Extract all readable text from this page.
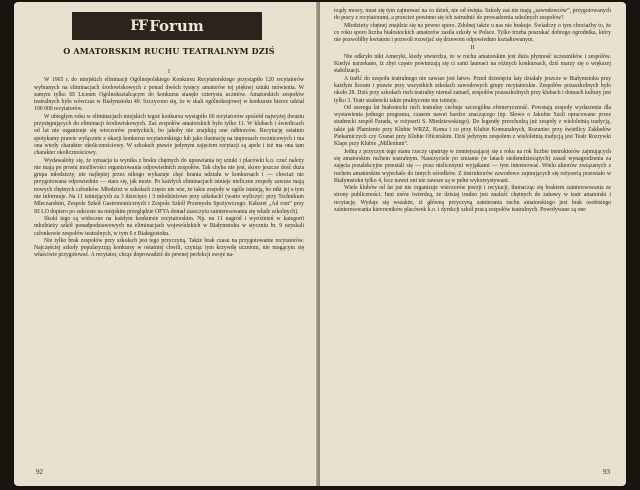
FF Forum
O AMATORSKIM RUCHU TEATRALNYM DZIŚ

I

W 1965 r. do miejskich eliminacji Ogólnopolskiego Konkursu Recytatorskiego przystąpiło 120 recytatorów wybranych na eliminacjach środowiskowych z ponad dwóch tysięcy amatorów tej pięknej sztuki mówienia. W samym tylko III Liceum Ogólnokształcącym do konkursu stanęło czterystu uczniów. Amatorskich zespołów teatralnych było wówczas w Białymstoku 40. Szczycono się, że w skali ogólnokrajowej w konkursie bierze udział 100 000 recytatorów.

W ubiegłym roku w eliminacjach miejskich tegoż konkursu wystąpiło 60 recytatorów spośród najwyżej dwustu przystępujących do eliminacji środowiskowych. Zaś zespołów amatorskich było tylko 11. W klubach i świetlicach od lat nie organizuje się wieczorów poetyckich, bo jakoby nie znajdują one odbiorców. Recytację ostatnio spotykamy prawie wyłącznie z okazji konkursu recytatorskiego lub jako ilustrację na imprezach rocznicowych i ma ona wtedy charakter okolicznościowy. W szkołach prawie jedynym zajęciem recytacji są apele i też ma ona tam charakter okolicznościowy.

Wydawałoby się, że sytuacja ta wynika z braku chętnych do uprawiania tej sztuki i placówki k.o. czuć należy nie mają po prostu możliwości organizowania odpowiednich zespołów. Tak chyba nie jest, skoro jeszcze dość duża grupa młodzieży, nie najlepiej przez nikogo wykazuje chęć brania udziału w konkursach i — chociaż nie przygotowana odpowiednio — stara się, jak może. Po każdych eliminacjach istnieje nieliczne zespoły zawsze mają nowych chętnych członków. Młodzież w szkołach często nie wie, że takie zespoły w ogóle istnieją, bo nikt jej o tym nie informuje. Na 11 istniejących za 3 dziecięce i 3 młodzieżowe przy szkołach! (warto wyliczyć: przy Technikum Mleczarskim, Zespole Szkół Gastronomicznych i Zespole Szkół Przemysłu Spożywczego. Kabaret „Ad rem” przy III LO dopiero po sukcesie na miejskim przeglądzie OFTA domał zaszczytu zainteresowania się władz szkolnych).

Skoki tego są widoczne na każdym konkursie recytatorskim. Np. na 11 nagród i wyróżnień w kategorii młodzieży szkół ponadpodstawowych na eliminacjach wojewódzkich w Białymstoku w styczniu br. 9 uzyskali członkowie zespołów teatralnych, w tym 6 z Białegostoku.

Nie tylko brak zespołów przy szkołach jest tego przyczyną. Także brak czasu na przygotowanie recytatorów. Najczęściej szkoły popularyzują konkursy w ostatniej chwili, czyniąc tym krzywdę uczniom, nie mogącym się właściwie przygotować. A recytator, chcąc doprowadzić do pewnej perfekcji swoje na-

92

rządy mowy, musi się tym zajmować na co dzień, nie od święta. Szkoły zaś nie mają „zawodowców”, przygotowanych do pracy z recytatorami, a przecież powinno się ich zatrudnić do prowadzenia szkolnych zespołów?

Młodzieży chętnej znajdzie się na pewno sporo. Zdolnej także u nas nie brakuje. Świadczy o tym chociażby to, że co roku sporo liczba białostockich amatorów zasila szkoły w Polsce. Tylko trzeba poszukać dobrego ogrodnika, który nie pozwoliłby kwiatom i pozwoli rozwijać się drzewom odpowiednio kształtowanym.

II

Nie odkryło nikt Ameryki, kiedy stwierdza, że w ruchu amatorskim jest duża płynność uczestników i zespołów. Kiedyś narzekano, iż zbyt często powtarzają się ci sami laureaci na różnych konkursach, dziś marzy się o większej stabilizacji.

A trafić do zespołu teatralnego nie zawsze jest łatwo. Przed dziesięciu laty działały jeszcze w Białymstoku przy każdym liceum i prawie przy wszystkich szkołach zawodowych grupy recytatorskie. Zespołów pozaszkolnych było około 28. Dziś przy szkołach ruch teatralny niemal zamarł, zespołów pozaszkolnych przy klubach i domach kultury jest tylko 3. Teatr studencki także praktycznie nie istnieje.

Od szeregu lat białostocki ruch teatralny cechuje szczególna efemeryczność. Powstają zespoły wydarzenia dla wystawienia jednego programu, czasem nawet bardzo znaczącego (np. Słowo o Jakubie Szeli opracowane przez studencki zespół Parada, w reżyserii S. Miedziewskiego). Do legendy przechodzą już zespoły z wieloletnią tradycją, takie jak Plamienie przy Klubie WRZZ, Koma i co przy Klubie Komunalnych, Rozuniec przy świetlicy Zakładów Piekarniczych czy Granat przy Klubie Oficerskim. Dziś jedynym zespołem z wieloletnią tradycją jest Teatr Rozrywki Klaps przy Klubie „Millenium”.

Jedną z przyczyn tego stanu rzeczy upatruję w zmniejszającej się z roku na rok liczbie instruktorów zajmujących się amatorskim ruchem teatralnym. Nauczyciele po zmianie (w latach siedemdziesiątych) zasad wynagrodzenia za zajęcia pozalekcyjne przestali się — poza nielicznymi wyjątkami — tym interesować. Wielu aktorów związanych z ruchem amatorskim wyjechało do innych ośrodków. Z instruktorów zawodowo zajmujących się reżyserią pozostało w Białymstoku tylko 4, lecz nawet oni nie zawsze są w pełni wykorzystywani.

Wiele klubów od lat już nie organizuje wieczorów poezji i recytacji, tłumacząc się brakiem zainteresowania ze strony publiczności. Inni znów twierdzą, że dzisiaj trudno jest znaleźć chętnych do zabawy w teatr amatorski i recytację. Wydaje się wszakże, iż główną przyczyną zamierania ruchu amatorskiego jest brak osobistego zainteresowania kierowników placówek k.o. i dyrekcji szkół pracą zespołów teatralnych. Powoływane są one

93
